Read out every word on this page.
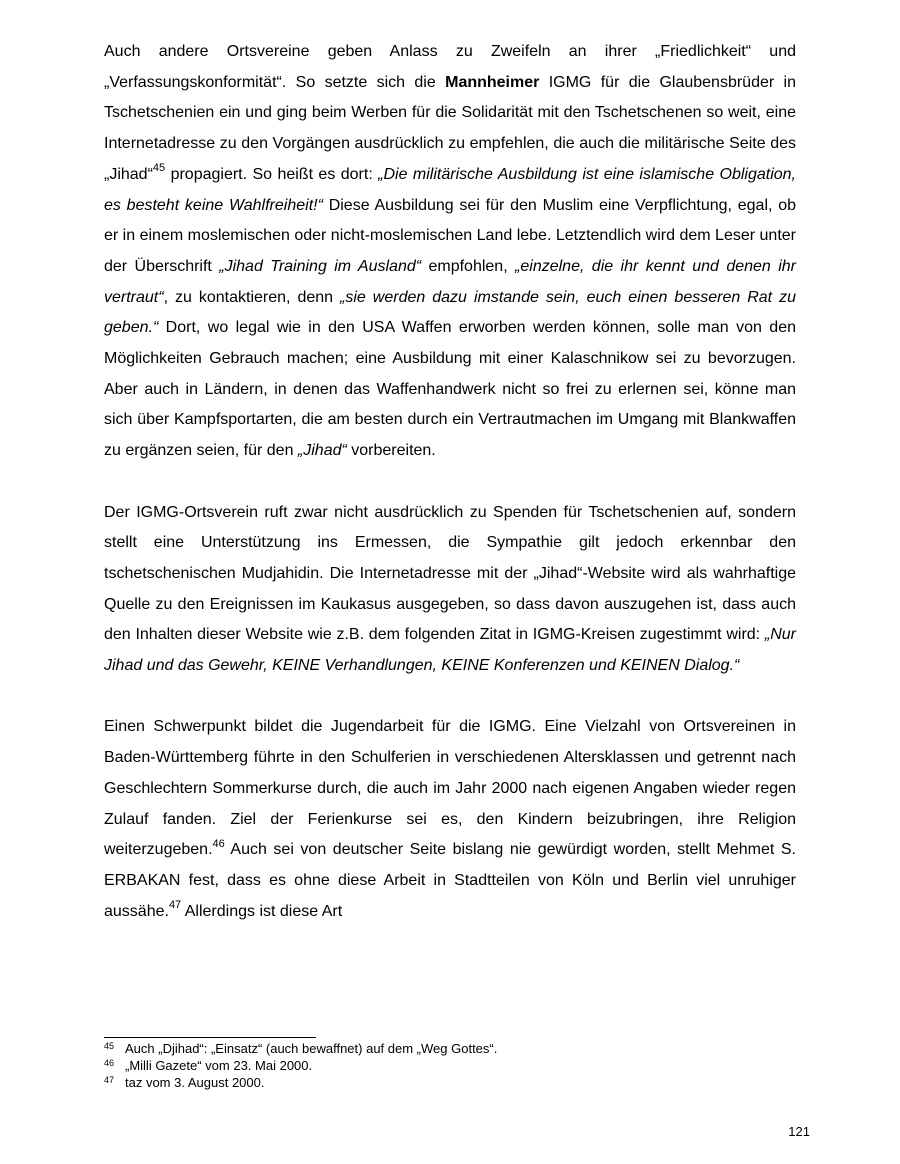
Auch andere Ortsvereine geben Anlass zu Zweifeln an ihrer „Friedlichkeit“ und „Verfassungskonformität“. So setzte sich die Mannheimer IGMG für die Glaubensbrüder in Tschetschenien ein und ging beim Werben für die Solidarität mit den Tschetschenen so weit, eine Internetadresse zu den Vorgängen ausdrücklich zu empfehlen, die auch die militärische Seite des „Jihad“$^{45}$ propagiert. So heißt es dort: „Die militärische Ausbildung ist eine islamische Obligation, es besteht keine Wahlfreiheit!“ Diese Ausbildung sei für den Muslim eine Verpflichtung, egal, ob er in einem moslemischen oder nicht-moslemischen Land lebe. Letztendlich wird dem Leser unter der Überschrift „Jihad Training im Ausland“ empfohlen, „einzelne, die ihr kennt und denen ihr vertraut“, zu kontaktieren, denn „sie werden dazu imstande sein, euch einen besseren Rat zu geben.“ Dort, wo legal wie in den USA Waffen erworben werden können, solle man von den Möglichkeiten Gebrauch machen; eine Ausbildung mit einer Kalaschnikow sei zu bevorzugen. Aber auch in Ländern, in denen das Waffenhandwerk nicht so frei zu erlernen sei, könne man sich über Kampfsportarten, die am besten durch ein Vertrautmachen im Umgang mit Blankwaffen zu ergänzen seien, für den „Jihad“ vorbereiten.

Der IGMG-Ortsverein ruft zwar nicht ausdrücklich zu Spenden für Tschetschenien auf, sondern stellt eine Unterstützung ins Ermessen, die Sympathie gilt jedoch erkennbar den tschetschenischen Mudjahidin. Die Internetadresse mit der „Jihad“-Website wird als wahrhaftige Quelle zu den Ereignissen im Kaukasus ausgegeben, so dass davon auszugehen ist, dass auch den Inhalten dieser Website wie z.B. dem folgenden Zitat in IGMG-Kreisen zugestimmt wird: „Nur Jihad und das Gewehr, KEINE Verhandlungen, KEINE Konferenzen und KEINEN Dialog.“

Einen Schwerpunkt bildet die Jugendarbeit für die IGMG. Eine Vielzahl von Ortsvereinen in Baden-Württemberg führte in den Schulferien in verschiedenen Altersklassen und getrennt nach Geschlechtern Sommerkurse durch, die auch im Jahr 2000 nach eigenen Angaben wieder regen Zulauf fanden. Ziel der Ferienkurse sei es, den Kindern beizubringen, ihre Religion weiterzugeben.$^{46}$ Auch sei von deutscher Seite bislang nie gewürdigt worden, stellt Mehmet S. ERBAKAN fest, dass es ohne diese Arbeit in Stadtteilen von Köln und Berlin viel unruhiger aussähe.$^{47}$ Allerdings ist diese Art

45 Auch „Djihad“: „Einsatz“ (auch bewaffnet) auf dem „Weg Gottes“.
46 „Milli Gazete“ vom 23. Mai 2000.
47 taz vom 3. August 2000.
121
